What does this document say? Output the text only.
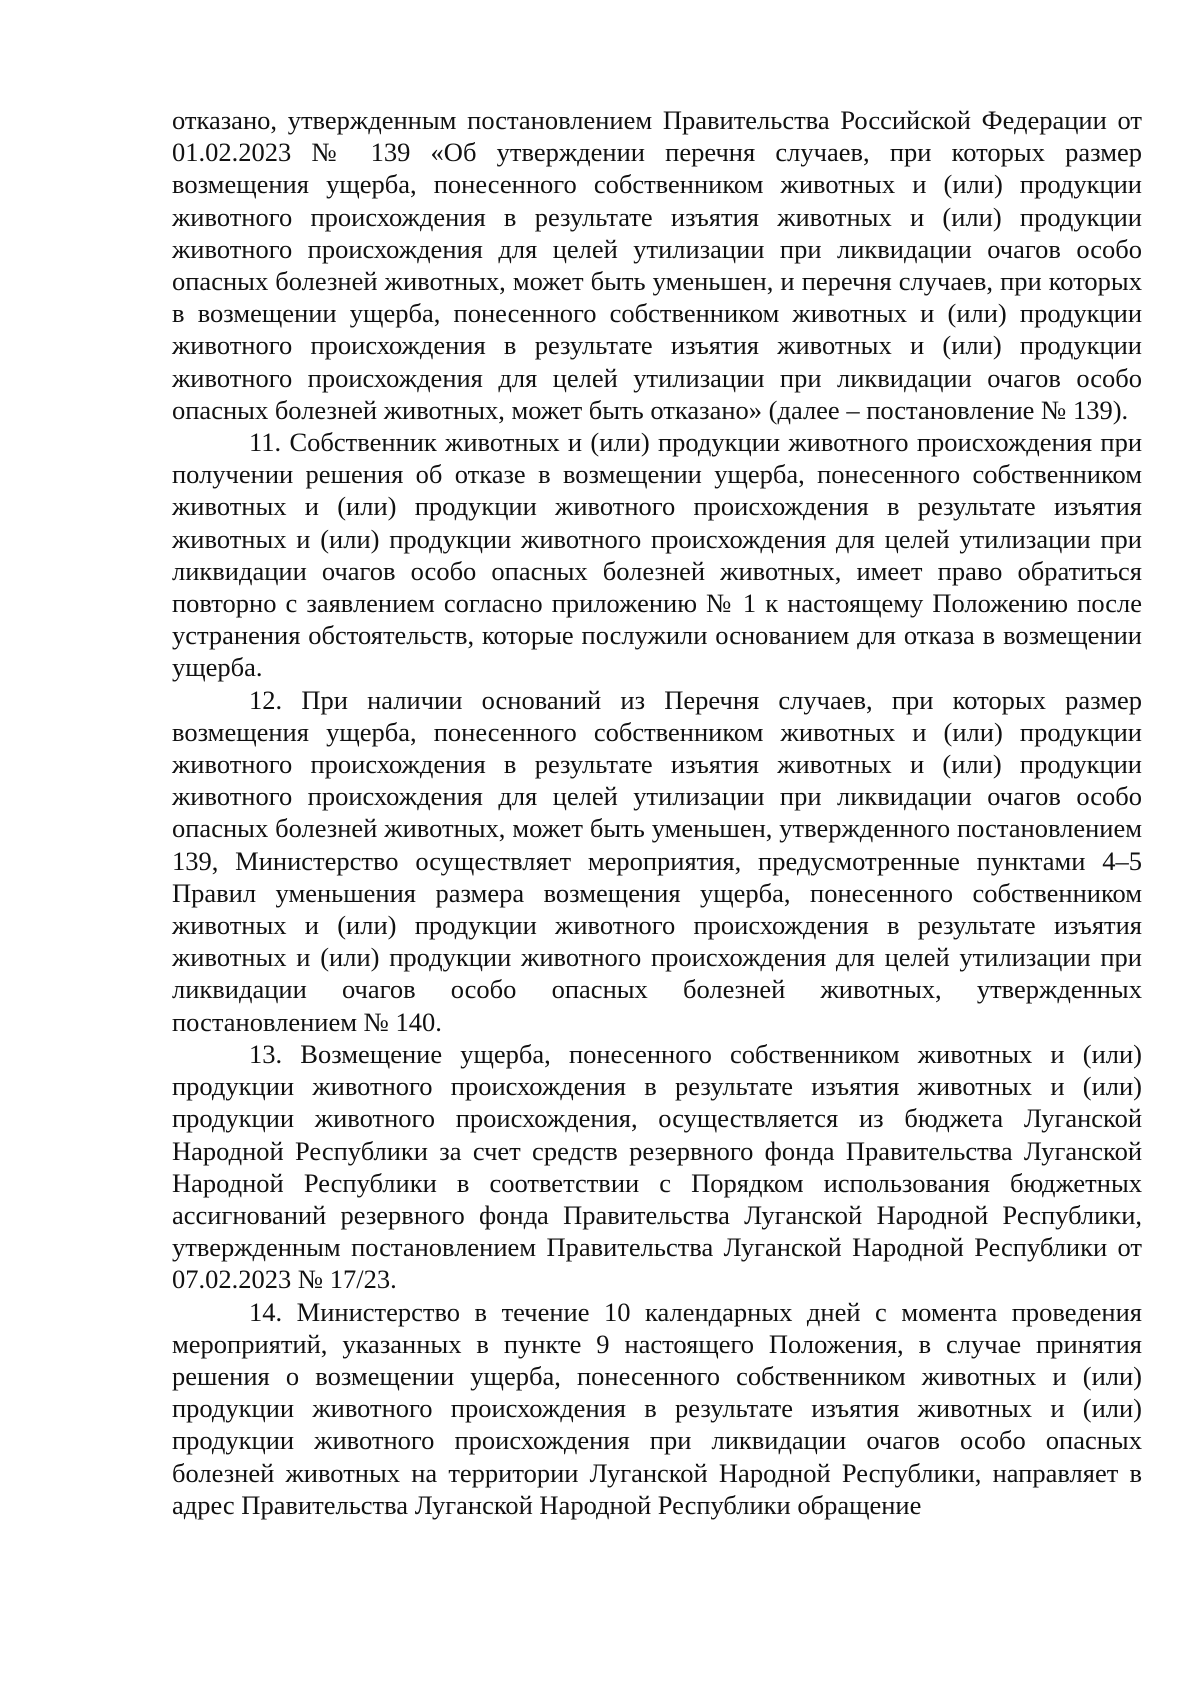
отказано, утвержденным постановлением Правительства Российской Федерации от 01.02.2023 № 139 «Об утверждении перечня случаев, при которых размер возмещения ущерба, понесенного собственником животных и (или) продукции животного происхождения в результате изъятия животных и (или) продукции животного происхождения для целей утилизации при ликвидации очагов особо опасных болезней животных, может быть уменьшен, и перечня случаев, при которых в возмещении ущерба, понесенного собственником животных и (или) продукции животного происхождения в результате изъятия животных и (или) продукции животного происхождения для целей утилизации при ликвидации очагов особо опасных болезней животных, может быть отказано» (далее – постановление № 139).

11. Собственник животных и (или) продукции животного происхождения при получении решения об отказе в возмещении ущерба, понесенного собственником животных и (или) продукции животного происхождения в результате изъятия животных и (или) продукции животного происхождения для целей утилизации при ликвидации очагов особо опасных болезней животных, имеет право обратиться повторно с заявлением согласно приложению № 1 к настоящему Положению после устранения обстоятельств, которые послужили основанием для отказа в возмещении ущерба.

12. При наличии оснований из Перечня случаев, при которых размер возмещения ущерба, понесенного собственником животных и (или) продукции животного происхождения в результате изъятия животных и (или) продукции животного происхождения для целей утилизации при ликвидации очагов особо опасных болезней животных, может быть уменьшен, утвержденного постановлением 139, Министерство осуществляет мероприятия, предусмотренные пунктами 4–5 Правил уменьшения размера возмещения ущерба, понесенного собственником животных и (или) продукции животного происхождения в результате изъятия животных и (или) продукции животного происхождения для целей утилизации при ликвидации очагов особо опасных болезней животных, утвержденных постановлением № 140.

13. Возмещение ущерба, понесенного собственником животных и (или) продукции животного происхождения в результате изъятия животных и (или) продукции животного происхождения, осуществляется из бюджета Луганской Народной Республики за счет средств резервного фонда Правительства Луганской Народной Республики в соответствии с Порядком использования бюджетных ассигнований резервного фонда Правительства Луганской Народной Республики, утвержденным постановлением Правительства Луганской Народной Республики от 07.02.2023 № 17/23.

14. Министерство в течение 10 календарных дней с момента проведения мероприятий, указанных в пункте 9 настоящего Положения, в случае принятия решения о возмещении ущерба, понесенного собственником животных и (или) продукции животного происхождения в результате изъятия животных и (или) продукции животного происхождения при ликвидации очагов особо опасных болезней животных на территории Луганской Народной Республики, направляет в адрес Правительства Луганской Народной Республики обращение
